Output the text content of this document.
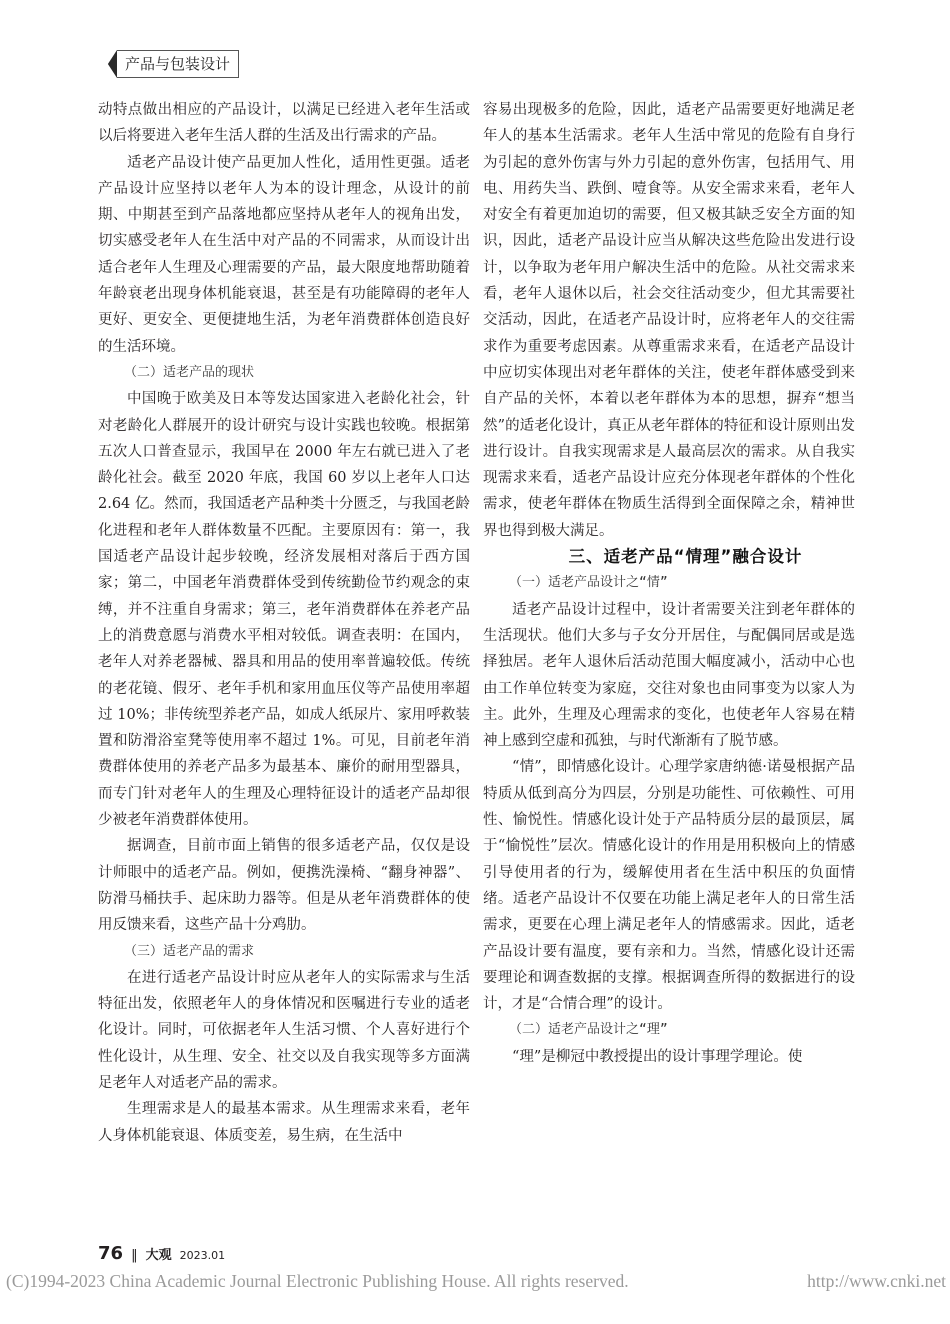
产品与包装设计

动特点做出相应的产品设计，以满足已经进入老年生活或以后将要进入老年生活人群的生活及出行需求的产品。

适老产品设计使产品更加人性化，适用性更强。适老产品设计应坚持以老年人为本的设计理念，从设计的前期、中期甚至到产品落地都应坚持从老年人的视角出发，切实感受老年人在生活中对产品的不同需求，从而设计出适合老年人生理及心理需要的产品，最大限度地帮助随着年龄衰老出现身体机能衰退，甚至是有功能障碍的老年人更好、更安全、更便捷地生活，为老年消费群体创造良好的生活环境。

（二）适老产品的现状

中国晚于欧美及日本等发达国家进入老龄化社会，针对老龄化人群展开的设计研究与设计实践也较晚。根据第五次人口普查显示，我国早在 2000 年左右就已进入了老龄化社会。截至 2020 年底，我国 60 岁以上老年人口达 2.64 亿。然而，我国适老产品种类十分匮乏，与我国老龄化进程和老年人群体数量不匹配。主要原因有：第一，我国适老产品设计起步较晚，经济发展相对落后于西方国家；第二，中国老年消费群体受到传统勤俭节约观念的束缚，并不注重自身需求；第三，老年消费群体在养老产品上的消费意愿与消费水平相对较低。调查表明：在国内，老年人对养老器械、器具和用品的使用率普遍较低。传统的老花镜、假牙、老年手机和家用血压仪等产品使用率超过 10%；非传统型养老产品，如成人纸尿片、家用呼救装置和防滑浴室凳等使用率不超过 1%。可见，目前老年消费群体使用的养老产品多为最基本、廉价的耐用型器具，而专门针对老年人的生理及心理特征设计的适老产品却很少被老年消费群体使用。

据调查，目前市面上销售的很多适老产品，仅仅是设计师眼中的适老产品。例如，便携洗澡椅、“翻身神器”、防滑马桶扶手、起床助力器等。但是从老年消费群体的使用反馈来看，这些产品十分鸡肋。

（三）适老产品的需求

在进行适老产品设计时应从老年人的实际需求与生活特征出发，依照老年人的身体情况和医嘱进行专业的适老化设计。同时，可依据老年人生活习惯、个人喜好进行个性化设计，从生理、安全、社交以及自我实现等多方面满足老年人对适老产品的需求。

生理需求是人的最基本需求。从生理需求来看，老年人身体机能衰退、体质变差，易生病，在生活中

容易出现极多的危险，因此，适老产品需要更好地满足老年人的基本生活需求。老年人生活中常见的危险有自身行为引起的意外伤害与外力引起的意外伤害，包括用气、用电、用药失当、跌倒、噎食等。从安全需求来看，老年人对安全有着更加迫切的需要，但又极其缺乏安全方面的知识，因此，适老产品设计应当从解决这些危险出发进行设计，以争取为老年用户解决生活中的危险。从社交需求来看，老年人退休以后，社会交往活动变少，但尤其需要社交活动，因此，在适老产品设计时，应将老年人的交往需求作为重要考虑因素。从尊重需求来看，在适老产品设计中应切实体现出对老年群体的关注，使老年群体感受到来自产品的关怀，本着以老年群体为本的思想，摒弃“想当然”的适老化设计，真正从老年群体的特征和设计原则出发进行设计。自我实现需求是人最高层次的需求。从自我实现需求来看，适老产品设计应充分体现老年群体的个性化需求，使老年群体在物质生活得到全面保障之余，精神世界也得到极大满足。

三、适老产品“情理”融合设计

（一）适老产品设计之“情”

适老产品设计过程中，设计者需要关注到老年群体的生活现状。他们大多与子女分开居住，与配偶同居或是选择独居。老年人退休后活动范围大幅度减小，活动中心也由工作单位转变为家庭，交往对象也由同事变为以家人为主。此外，生理及心理需求的变化，也使老年人容易在精神上感到空虚和孤独，与时代渐渐有了脱节感。

“情”，即情感化设计。心理学家唐纳德·诺曼根据产品特质从低到高分为四层，分别是功能性、可依赖性、可用性、愉悦性。情感化设计处于产品特质分层的最顶层，属于“愉悦性”层次。情感化设计的作用是用积极向上的情感引导使用者的行为，缓解使用者在生活中积压的负面情绪。适老产品设计不仅要在功能上满足老年人的日常生活需求，更要在心理上满足老年人的情感需求。因此，适老产品设计要有温度，要有亲和力。当然，情感化设计还需要理论和调查数据的支撑。根据调查所得的数据进行的设计，才是“合情合理”的设计。

（二）适老产品设计之“理”

“理”是柳冠中教授提出的设计事理学理论。使

76 ‖ 大观 2023.01
(C)1994-2023 China Academic Journal Electronic Publishing House. All rights reserved.	http://www.cnki.net
